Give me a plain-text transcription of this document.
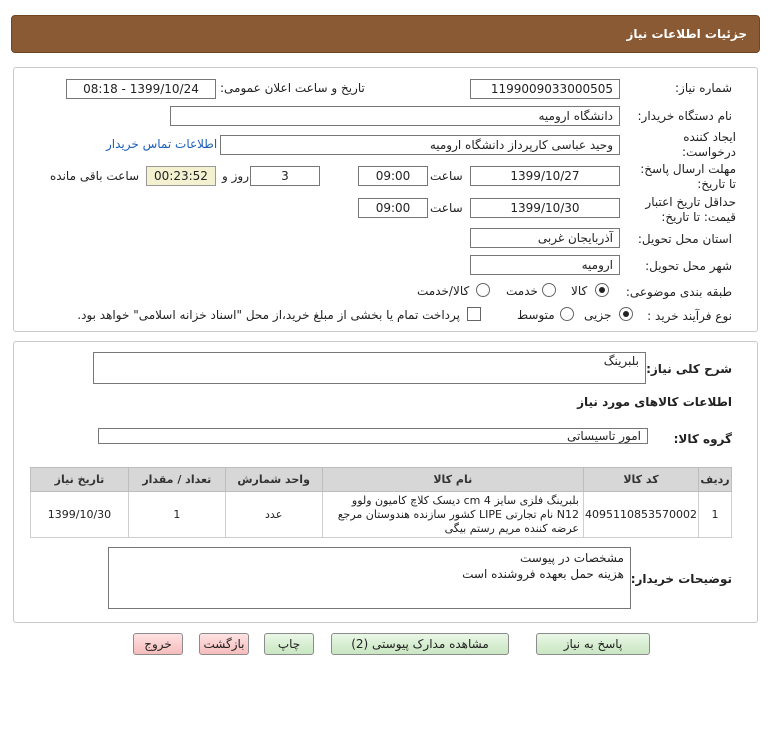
جزئیات اطلاعات نیاز
شماره نیاز:
1199009033000505
تاریخ و ساعت اعلان عمومی:
1399/10/24 - 08:18
نام دستگاه خریدار:
دانشگاه ارومیه
ایجاد کننده درخواست:
وحید عباسی کارپرداز دانشگاه ارومیه
اطلاعات تماس خریدار
مهلت ارسال پاسخ: تا تاریخ:
1399/10/27
ساعت
09:00
3
روز و
00:23:52
ساعت باقی مانده
حداقل تاریخ اعتبار قیمت: تا تاریخ:
1399/10/30
ساعت
09:00
استان محل تحویل:
آذربایجان غربی
شهر محل تحویل:
ارومیه
طبقه بندی موضوعی:
کالا
خدمت
کالا/خدمت
نوع فرآیند خرید :
جزیی
متوسط
پرداخت تمام یا بخشی از مبلغ خرید،از محل "اسناد خزانه اسلامی" خواهد بود.
شرح کلی نیاز:
بلبرینگ
اطلاعات کالاهای مورد نیاز
گروه کالا:
امور تاسیساتی
تاریخ نیاز	تعداد / مقدار	واحد شمارش	نام کالا	کد کالا	ردیف
1399/10/30	1	عدد	بلبرینگ فلزی سایز 4 cm دیسک کلاچ کامیون ولوو N12 نام تجارتی LIPE کشور سازنده هندوستان مرجع عرضه کننده مریم رستم بیگی	4095110853570002	1
توضیحات خریدار:
مشخصات در پیوست
هزینه حمل بعهده فروشنده است
پاسخ به نیاز
مشاهده مدارک پیوستی (2)
چاپ
بازگشت
خروج
